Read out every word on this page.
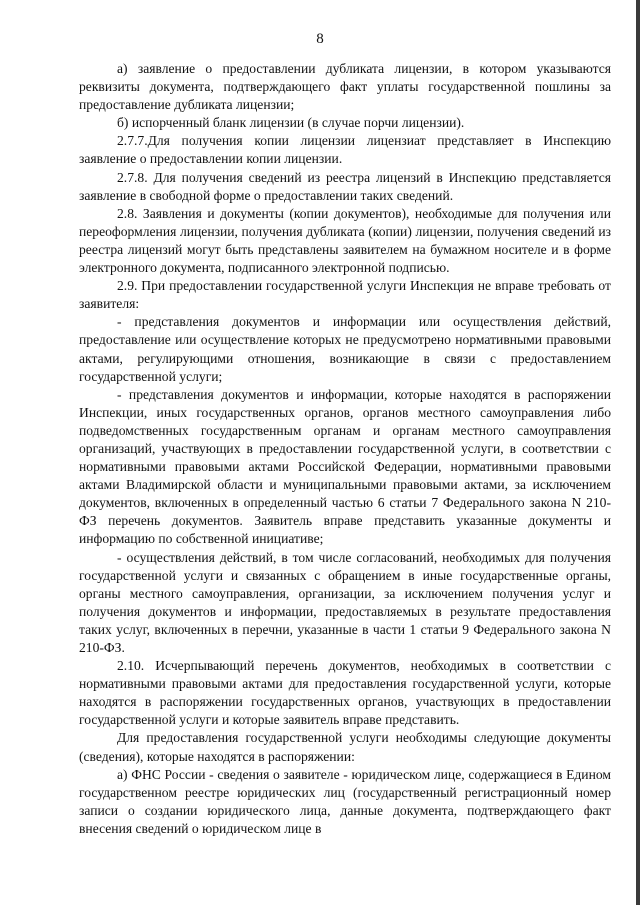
8

а) заявление о предоставлении дубликата лицензии, в котором указываются реквизиты документа, подтверждающего факт уплаты государственной пошлины за предоставление дубликата лицензии;

б) испорченный бланк лицензии (в случае порчи лицензии).

2.7.7.Для получения копии лицензии лицензиат представляет в Инспекцию заявление о предоставлении копии лицензии.

2.7.8. Для получения сведений из реестра лицензий в Инспекцию представляется заявление в свободной форме о предоставлении таких сведений.

2.8. Заявления и документы (копии документов), необходимые для получения или переоформления лицензии, получения дубликата (копии) лицензии, получения сведений из реестра лицензий могут быть представлены заявителем на бумажном носителе и в форме электронного документа, подписанного электронной подписью.

2.9. При предоставлении государственной услуги Инспекция не вправе требовать от заявителя:

- представления документов и информации или осуществления действий, предоставление или осуществление которых не предусмотрено нормативными правовыми актами, регулирующими отношения, возникающие в связи с предоставлением государственной услуги;

- представления документов и информации, которые находятся в распоряжении Инспекции, иных государственных органов, органов местного самоуправления либо подведомственных государственным органам и органам местного самоуправления организаций, участвующих в предоставлении государственной услуги, в соответствии с нормативными правовыми актами Российской Федерации, нормативными правовыми актами Владимирской области и муниципальными правовыми актами, за исключением документов, включенных в определенный частью 6 статьи 7 Федерального закона N 210-ФЗ перечень документов. Заявитель вправе представить указанные документы и информацию по собственной инициативе;

- осуществления действий, в том числе согласований, необходимых для получения государственной услуги и связанных с обращением в иные государственные органы, органы местного самоуправления, организации, за исключением получения услуг и получения документов и информации, предоставляемых в результате предоставления таких услуг, включенных в перечни, указанные в части 1 статьи 9 Федерального закона N 210-ФЗ.

2.10. Исчерпывающий перечень документов, необходимых в соответствии с нормативными правовыми актами для предоставления государственной услуги, которые находятся в распоряжении государственных органов, участвующих в предоставлении государственной услуги и которые заявитель вправе представить.

Для предоставления государственной услуги необходимы следующие документы (сведения), которые находятся в распоряжении:

а) ФНС России - сведения о заявителе - юридическом лице, содержащиеся в Едином государственном реестре юридических лиц (государственный регистрационный номер записи о создании юридического лица, данные документа, подтверждающего факт внесения сведений о юридическом лице в
